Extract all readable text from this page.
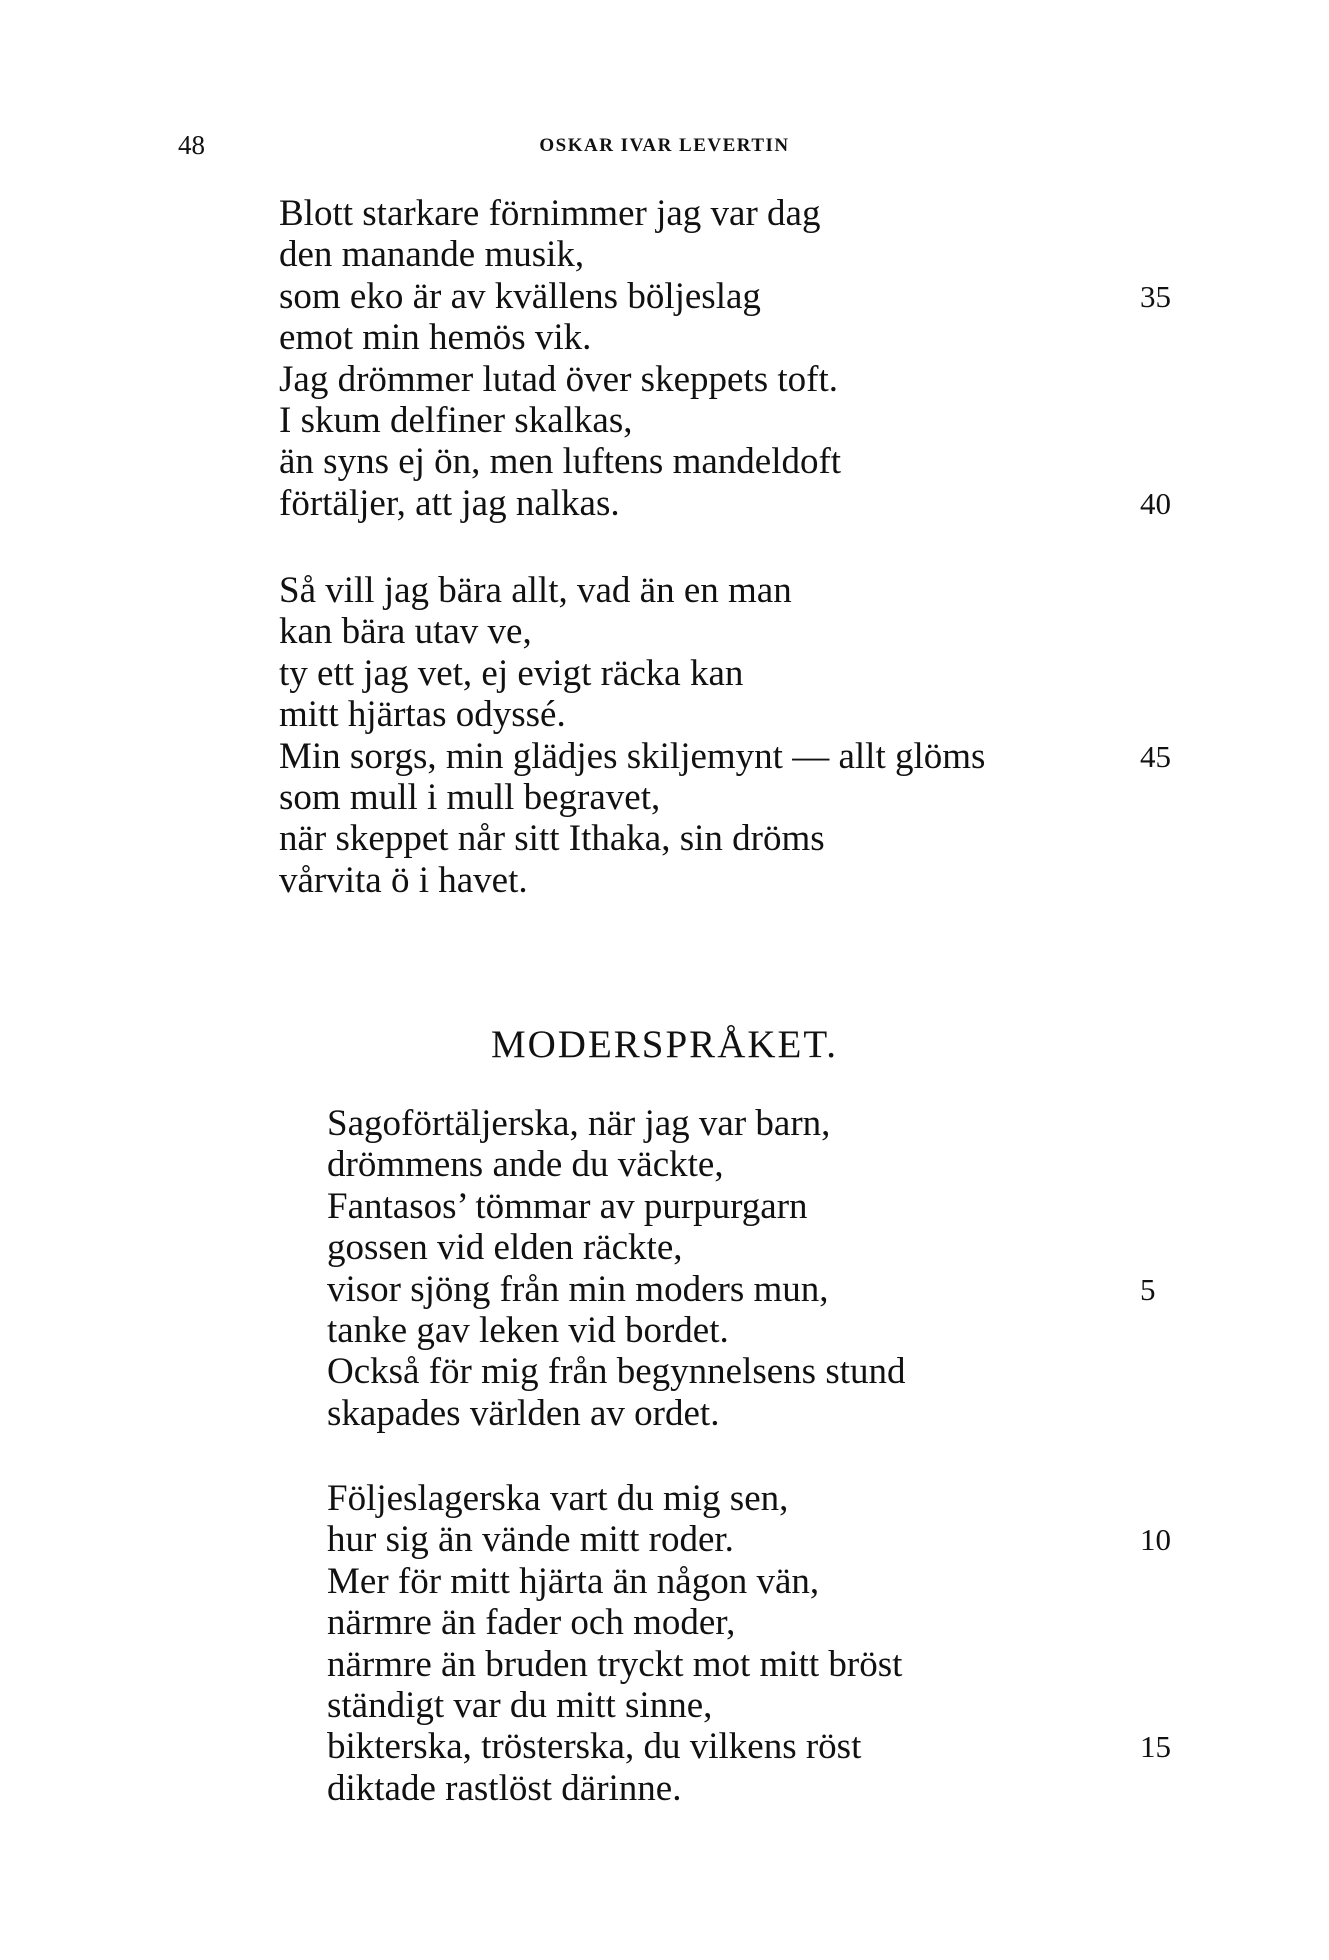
48	OSKAR IVAR LEVERTIN
Blott starkare förnimmer jag var dag
den manande musik,
som eko är av kvällens böljeslag	35
emot min hemös vik.
Jag drömmer lutad över skeppets toft.
I skum delfiner skalkas,
än syns ej ön, men luftens mandeldoft
förtäljer, att jag nalkas.	40
Så vill jag bära allt, vad än en man
kan bära utav ve,
ty ett jag vet, ej evigt räcka kan
mitt hjärtas odyssé.
Min sorgs, min glädjes skiljemynt — allt glöms	45
som mull i mull begravet,
när skeppet når sitt Ithaka, sin dröms
vårvita ö i havet.
MODERSPRÅKET.
Sagoförtäljerska, när jag var barn,
drömmens ande du väckte,
Fantasos’ tömmar av purpurgarn
gossen vid elden räckte,
visor sjöng från min moders mun,	5
tanke gav leken vid bordet.
Också för mig från begynnelsens stund
skapades världen av ordet.
Följeslagerska vart du mig sen,
hur sig än vände mitt roder.	10
Mer för mitt hjärta än någon vän,
närmre än fader och moder,
närmre än bruden tryckt mot mitt bröst
ständigt var du mitt sinne,
bikterska, trösterska, du vilkens röst	15
diktade rastlöst därinne.
